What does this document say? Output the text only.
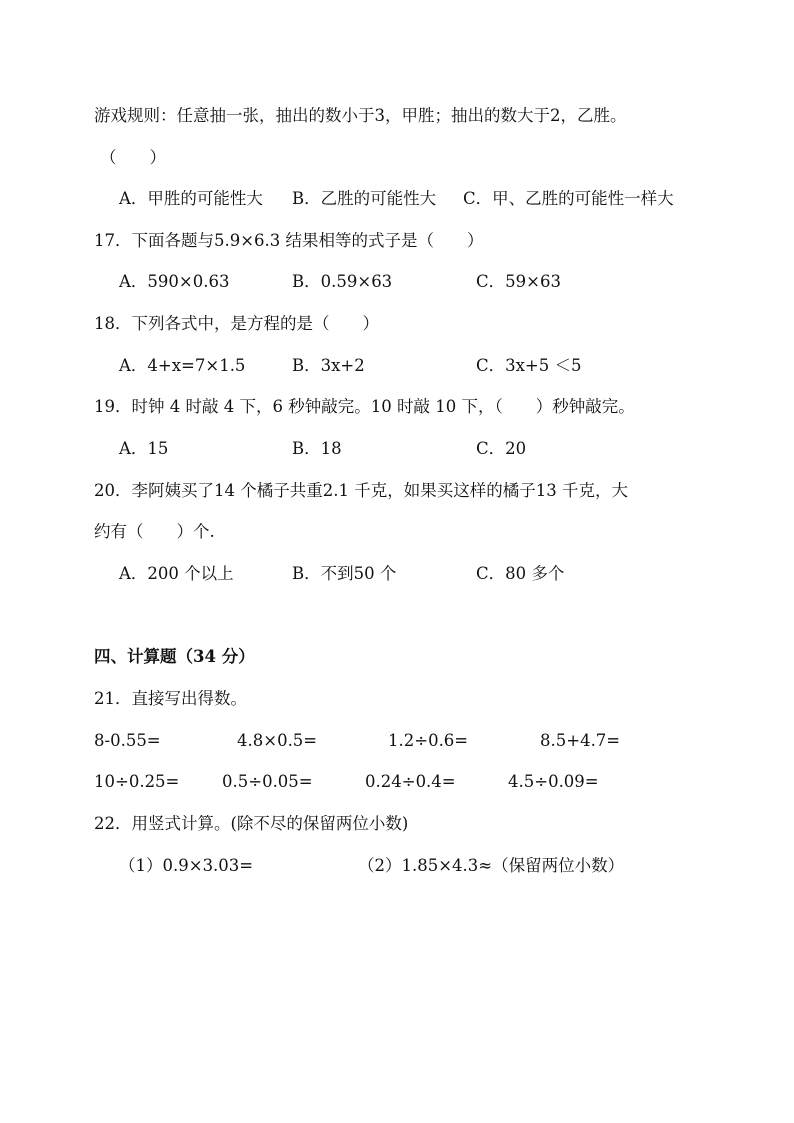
游戏规则：任意抽一张，抽出的数小于3，甲胜；抽出的数大于2，乙胜。
（　　）
A．甲胜的可能性大 B．乙胜的可能性大 C．甲、乙胜的可能性一样大
17．下面各题与5.9×6.3 结果相等的式子是（　　）
A．590×0.63	B．0.59×63	C．59×63
18．下列各式中，是方程的是（　　）
A．4+x=7×1.5	B．3x+2	C．3x+5 ＜5
19．时钟 4 时敲 4 下，6 秒钟敲完。10 时敲 10 下，（　　）秒钟敲完。
A．15	B．18	C．20
20．李阿姨买了14 个橘子共重2.1 千克，如果买这样的橘子13 千克，大
约有（　　）个.
A．200 个以上	B．不到50 个	C．80 多个
四、计算题（34 分）
21．直接写出得数。
8-0.55=	4.8×0.5=	1.2÷0.6=	8.5+4.7=
10÷0.25=	0.5÷0.05=	0.24÷0.4=	4.5÷0.09=
22．用竖式计算。(除不尽的保留两位小数)
（1）0.9×3.03=	（2）1.85×4.3≈（保留两位小数）
